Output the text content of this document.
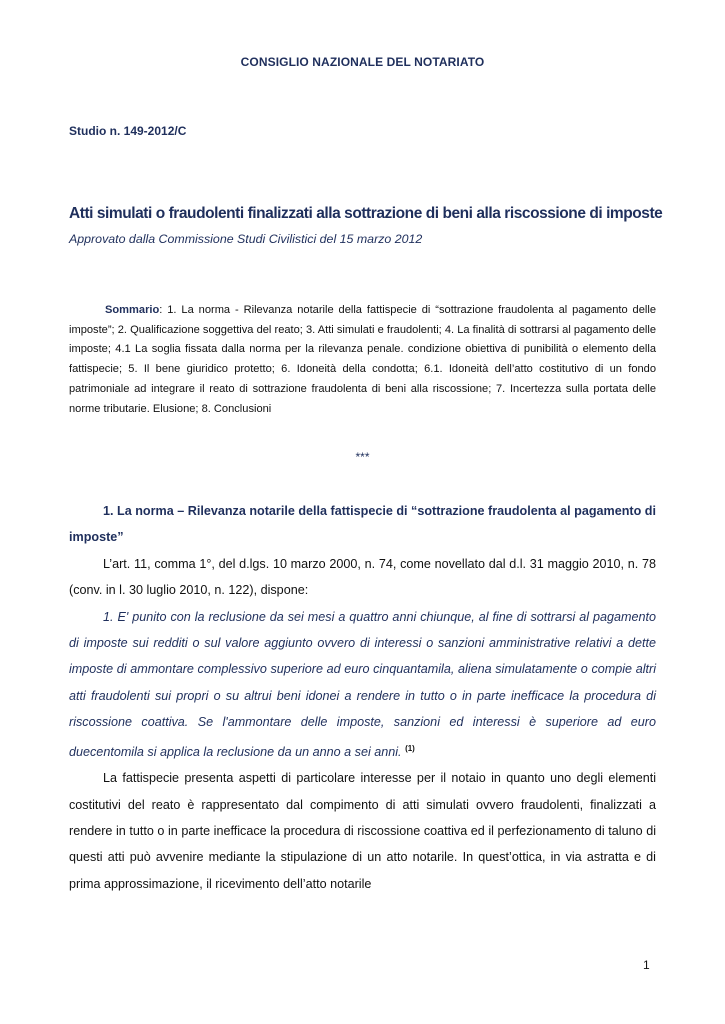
CONSIGLIO NAZIONALE DEL NOTARIATO
Studio n. 149-2012/C
Atti simulati o fraudolenti finalizzati alla sottrazione di beni alla riscossione di imposte
Approvato dalla Commissione Studi Civilistici del 15 marzo 2012
Sommario: 1. La norma - Rilevanza notarile della fattispecie di “sottrazione fraudolenta al pagamento delle imposte”; 2. Qualificazione soggettiva del reato; 3. Atti simulati e fraudolenti; 4. La finalità di sottrarsi al pagamento delle imposte; 4.1 La soglia fissata dalla norma per la rilevanza penale. condizione obiettiva di punibilità o elemento della fattispecie; 5. Il bene giuridico protetto; 6. Idoneità della condotta; 6.1. Idoneità dell’atto costitutivo di un fondo patrimoniale ad integrare il reato di sottrazione fraudolenta di beni alla riscossione; 7. Incertezza sulla portata delle norme tributarie. Elusione; 8. Conclusioni
***

1. La norma – Rilevanza notarile della fattispecie di “sottrazione fraudolenta al pagamento di imposte”

L’art. 11, comma 1°, del d.lgs. 10 marzo 2000, n. 74, come novellato dal d.l. 31 maggio 2010, n. 78 (conv. in l. 30 luglio 2010, n. 122), dispone:

1. E' punito con la reclusione da sei mesi a quattro anni chiunque, al fine di sottrarsi al pagamento di imposte sui redditi o sul valore aggiunto ovvero di interessi o sanzioni amministrative relativi a dette imposte di ammontare complessivo superiore ad euro cinquantamila, aliena simulatamente o compie altri atti fraudolenti sui propri o su altrui beni idonei a rendere in tutto o in parte inefficace la procedura di riscossione coattiva. Se l'ammontare delle imposte, sanzioni ed interessi è superiore ad euro duecentomila si applica la reclusione da un anno a sei anni. $^{(1)}$

La fattispecie presenta aspetti di particolare interesse per il notaio in quanto uno degli elementi costitutivi del reato è rappresentato dal compimento di atti simulati ovvero fraudolenti, finalizzati a rendere in tutto o in parte inefficace la procedura di riscossione coattiva ed il perfezionamento di taluno di questi atti può avvenire mediante la stipulazione di un atto notarile. In quest’ottica, in via astratta e di prima approssimazione, il ricevimento dell’atto notarile

1
